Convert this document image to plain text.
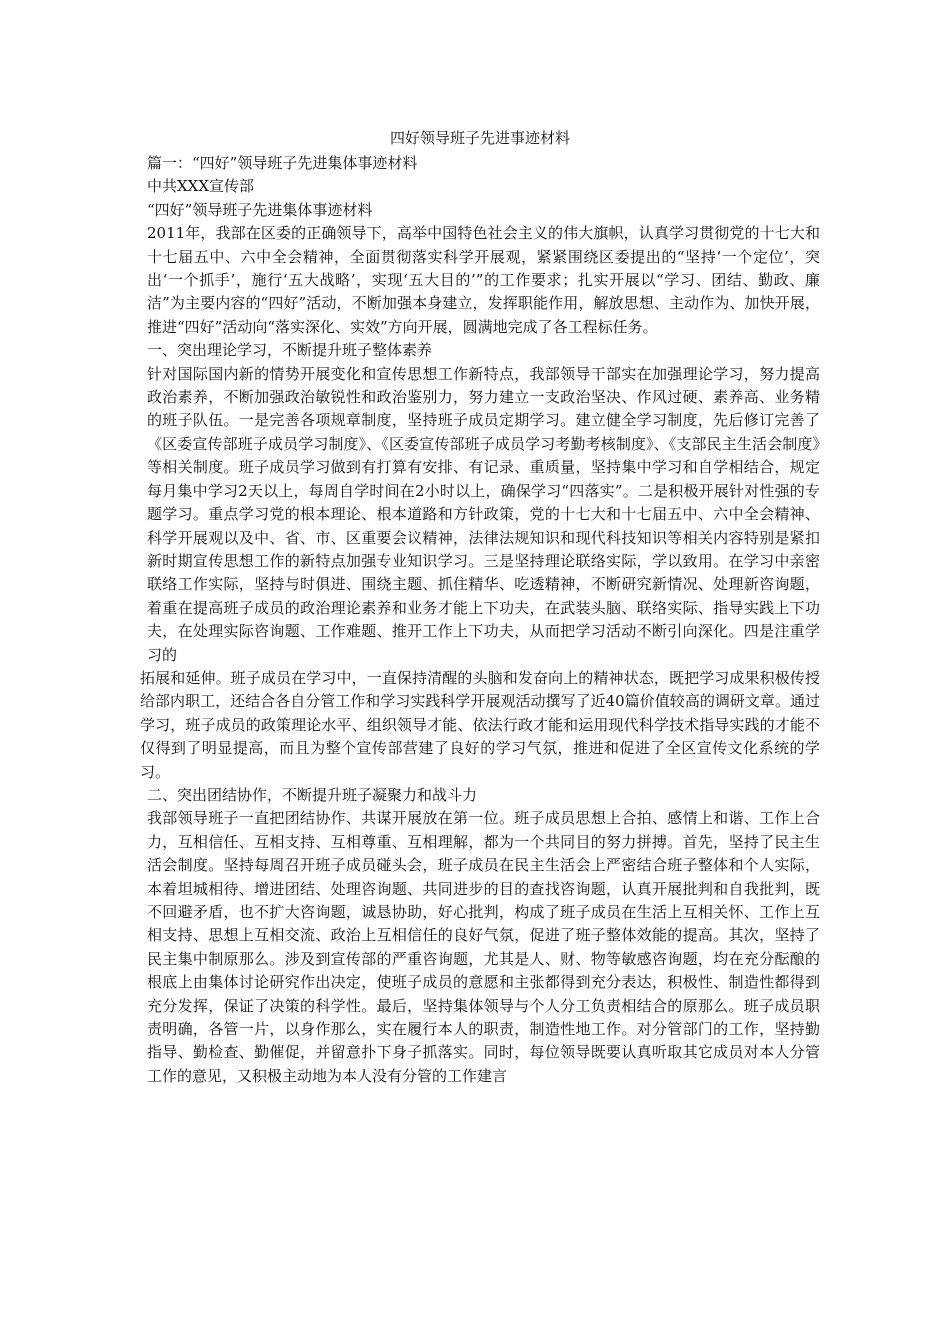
四好领导班子先进事迹材料

篇一：“四好”领导班子先进集体事迹材料

中共XXX宣传部

“四好”领导班子先进集体事迹材料

2011年，我部在区委的正确领导下，高举中国特色社会主义的伟大旗帜，认真学习贯彻党的十七大和十七届五中、六中全会精神，全面贯彻落实科学开展观，紧紧围绕区委提出的“坚持‘一个定位’，突出‘一个抓手’，施行‘五大战略’，实现‘五大目的’”的工作要求；扎实开展以“学习、团结、勤政、廉洁”为主要内容的“四好”活动，不断加强本身建立，发挥职能作用，解放思想、主动作为、加快开展，推进“四好”活动向“落实深化、实效”方向开展，圆满地完成了各工程标任务。

一、突出理论学习，不断提升班子整体素养

针对国际国内新的情势开展变化和宣传思想工作新特点，我部领导干部实在加强理论学习，努力提高政治素养，不断加强政治敏锐性和政治鉴别力，努力建立一支政治坚决、作风过硬、素养高、业务精的班子队伍。一是完善各项规章制度，坚持班子成员定期学习。建立健全学习制度，先后修订完善了《区委宣传部班子成员学习制度》、《区委宣传部班子成员学习考勤考核制度》、《支部民主生活会制度》等相关制度。班子成员学习做到有打算有安排、有记录、重质量，坚持集中学习和自学相结合，规定每月集中学习2天以上，每周自学时间在2小时以上，确保学习“四落实”。二是积极开展针对性强的专题学习。重点学习党的根本理论、根本道路和方针政策，党的十七大和十七届五中、六中全会精神、科学开展观以及中、省、市、区重要会议精神，法律法规知识和现代科技知识等相关内容特别是紧扣新时期宣传思想工作的新特点加强专业知识学习。三是坚持理论联络实际，学以致用。在学习中亲密联络工作实际，坚持与时俱进、围绕主题、抓住精华、吃透精神，不断研究新情况、处理新咨询题，着重在提高班子成员的政治理论素养和业务才能上下功夫，在武装头脑、联络实际、指导实践上下功夫，在处理实际咨询题、工作难题、推开工作上下功夫，从而把学习活动不断引向深化。四是注重学习的

拓展和延伸。班子成员在学习中，一直保持清醒的头脑和发奋向上的精神状态，既把学习成果积极传授给部内职工，还结合各自分管工作和学习实践科学开展观活动撰写了近40篇价值较高的调研文章。通过学习，班子成员的政策理论水平、组织领导才能、依法行政才能和运用现代科学技术指导实践的才能不仅得到了明显提高，而且为整个宣传部营建了良好的学习气氛，推进和促进了全区宣传文化系统的学习。

二、突出团结协作，不断提升班子凝聚力和战斗力

我部领导班子一直把团结协作、共谋开展放在第一位。班子成员思想上合拍、感情上和谐、工作上合力，互相信任、互相支持、互相尊重、互相理解，都为一个共同目的努力拼搏。首先，坚持了民主生活会制度。坚持每周召开班子成员碰头会，班子成员在民主生活会上严密结合班子整体和个人实际，本着坦城相待、增进团结、处理咨询题、共同进步的目的查找咨询题，认真开展批判和自我批判，既不回避矛盾，也不扩大咨询题，诚恳协助，好心批判，构成了班子成员在生活上互相关怀、工作上互相支持、思想上互相交流、政治上互相信任的良好气氛，促进了班子整体效能的提高。其次，坚持了民主集中制原那么。涉及到宣传部的严重咨询题，尤其是人、财、物等敏感咨询题，均在充分酝酿的根底上由集体讨论研究作出决定，使班子成员的意愿和主张都得到充分表达，积极性、制造性都得到充分发挥，保证了决策的科学性。最后，坚持集体领导与个人分工负责相结合的原那么。班子成员职责明确，各管一片，以身作那么，实在履行本人的职责，制造性地工作。对分管部门的工作，坚持勤指导、勤检查、勤催促，并留意扑下身子抓落实。同时，每位领导既要认真听取其它成员对本人分管工作的意见，又积极主动地为本人没有分管的工作建言
